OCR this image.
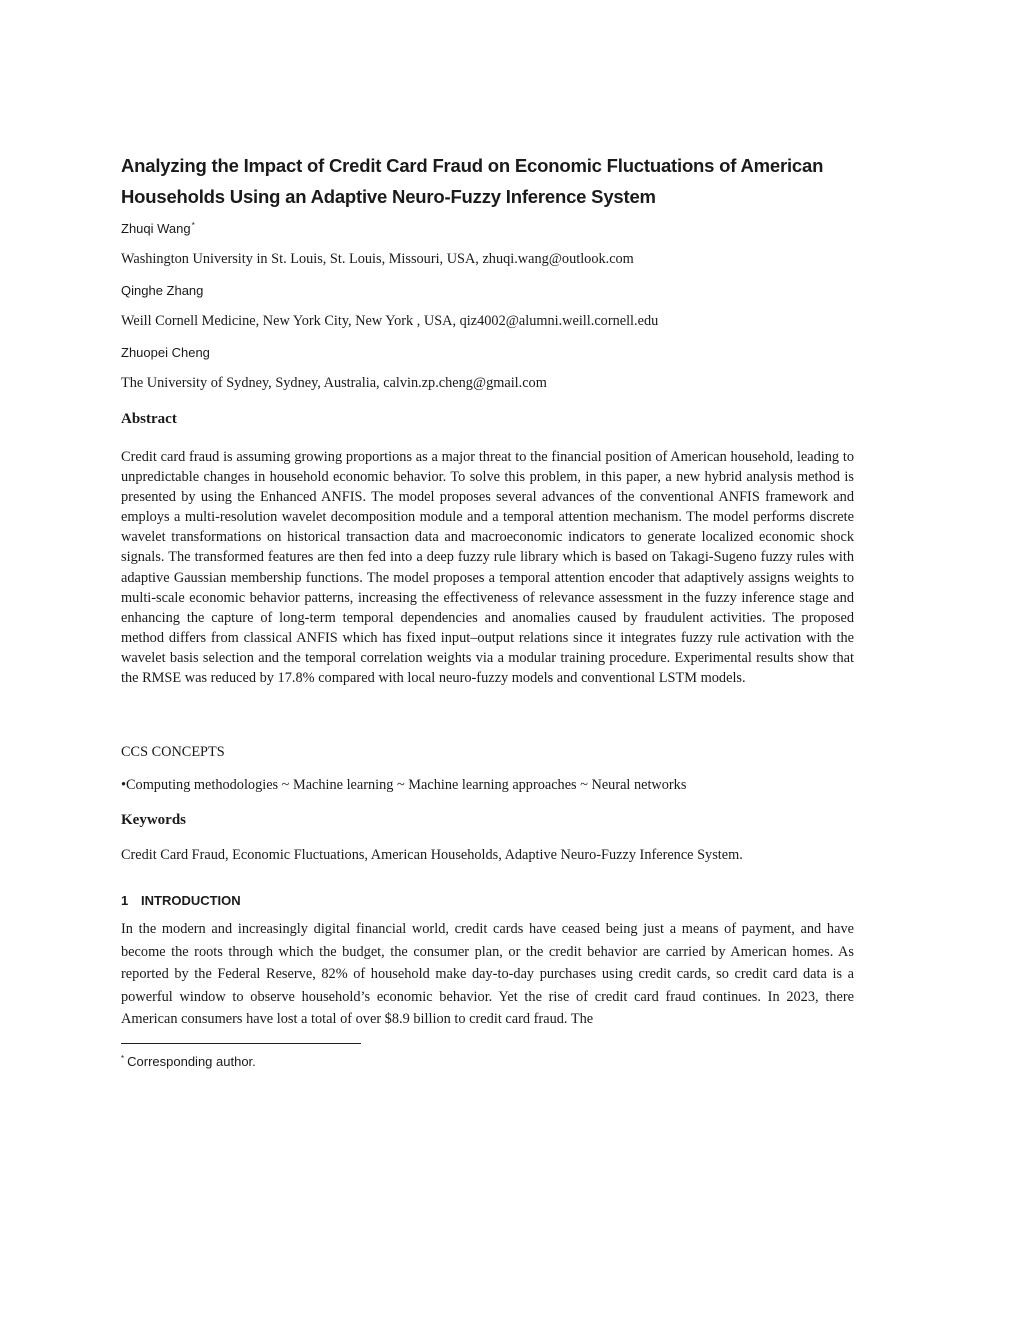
Analyzing the Impact of Credit Card Fraud on Economic Fluctuations of American
Households Using an Adaptive Neuro-Fuzzy Inference System

Zhuqi Wang*

Washington University in St. Louis, St. Louis, Missouri, USA, zhuqi.wang@outlook.com

Qinghe Zhang

Weill Cornell Medicine, New York City, New York , USA, qiz4002@alumni.weill.cornell.edu

Zhuopei Cheng

The University of Sydney, Sydney, Australia, calvin.zp.cheng@gmail.com

Abstract

Credit card fraud is assuming growing proportions as a major threat to the financial position of American household, leading to unpredictable changes in household economic behavior. To solve this problem, in this paper, a new hybrid analysis method is presented by using the Enhanced ANFIS. The model proposes several advances of the conventional ANFIS framework and employs a multi-resolution wavelet decomposition module and a temporal attention mechanism. The model performs discrete wavelet transformations on historical transaction data and macroeconomic indicators to generate localized economic shock signals. The transformed features are then fed into a deep fuzzy rule library which is based on Takagi-Sugeno fuzzy rules with adaptive Gaussian membership functions. The model proposes a temporal attention encoder that adaptively assigns weights to multi-scale economic behavior patterns, increasing the effectiveness of relevance assessment in the fuzzy inference stage and enhancing the capture of long-term temporal dependencies and anomalies caused by fraudulent activities. The proposed method differs from classical ANFIS which has fixed input–output relations since it integrates fuzzy rule activation with the wavelet basis selection and the temporal correlation weights via a modular training procedure. Experimental results show that the RMSE was reduced by 17.8% compared with local neuro-fuzzy models and conventional LSTM models.

CCS CONCEPTS

•Computing methodologies ~ Machine learning ~ Machine learning approaches ~ Neural networks

Keywords

Credit Card Fraud, Economic Fluctuations, American Households, Adaptive Neuro-Fuzzy Inference System.

1 INTRODUCTION

In the modern and increasingly digital financial world, credit cards have ceased being just a means of payment, and have become the roots through which the budget, the consumer plan, or the credit behavior are carried by American homes. As reported by the Federal Reserve, 82% of household make day-to-day purchases using credit cards, so credit card data is a powerful window to observe household’s economic behavior. Yet the rise of credit card fraud continues. In 2023, there American consumers have lost a total of over $8.9 billion to credit card fraud. The

* Corresponding author.
